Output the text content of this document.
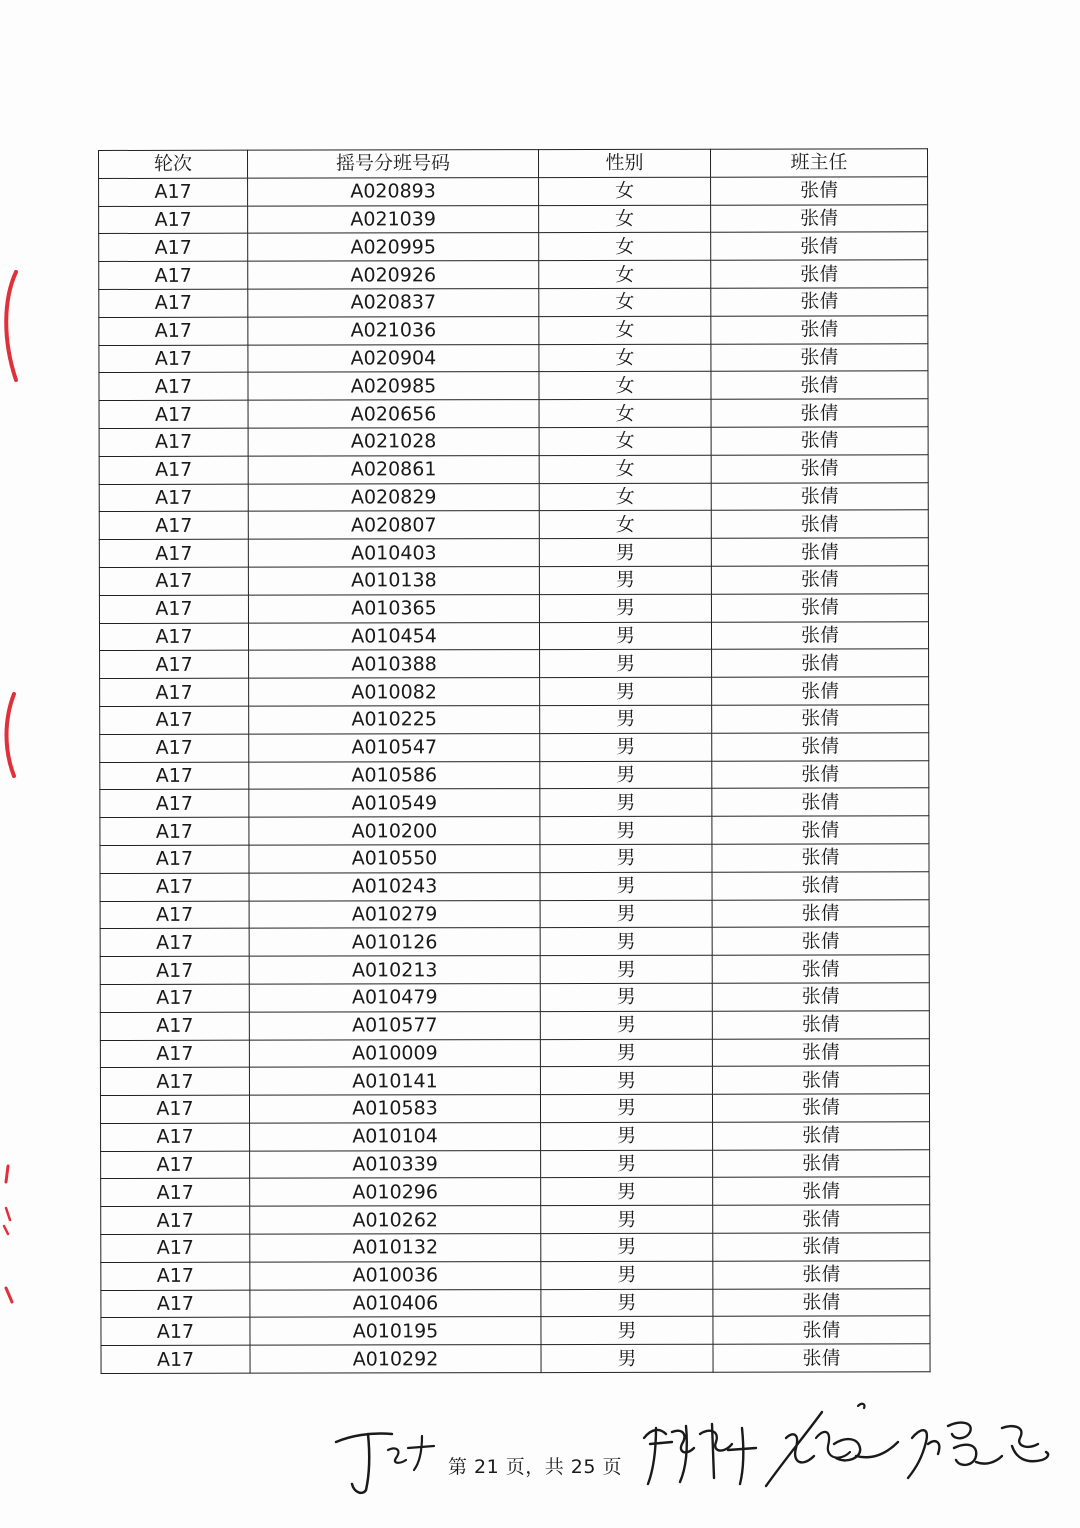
轮次	摇号分班号码	性别	班主任
A17	A020893	女	张倩
A17	A021039	女	张倩
A17	A020995	女	张倩
A17	A020926	女	张倩
A17	A020837	女	张倩
A17	A021036	女	张倩
A17	A020904	女	张倩
A17	A020985	女	张倩
A17	A020656	女	张倩
A17	A021028	女	张倩
A17	A020861	女	张倩
A17	A020829	女	张倩
A17	A020807	女	张倩
A17	A010403	男	张倩
A17	A010138	男	张倩
A17	A010365	男	张倩
A17	A010454	男	张倩
A17	A010388	男	张倩
A17	A010082	男	张倩
A17	A010225	男	张倩
A17	A010547	男	张倩
A17	A010586	男	张倩
A17	A010549	男	张倩
A17	A010200	男	张倩
A17	A010550	男	张倩
A17	A010243	男	张倩
A17	A010279	男	张倩
A17	A010126	男	张倩
A17	A010213	男	张倩
A17	A010479	男	张倩
A17	A010577	男	张倩
A17	A010009	男	张倩
A17	A010141	男	张倩
A17	A010583	男	张倩
A17	A010104	男	张倩
A17	A010339	男	张倩
A17	A010296	男	张倩
A17	A010262	男	张倩
A17	A010132	男	张倩
A17	A010036	男	张倩
A17	A010406	男	张倩
A17	A010195	男	张倩
A17	A010292	男	张倩
第 21 页，共 25 页
